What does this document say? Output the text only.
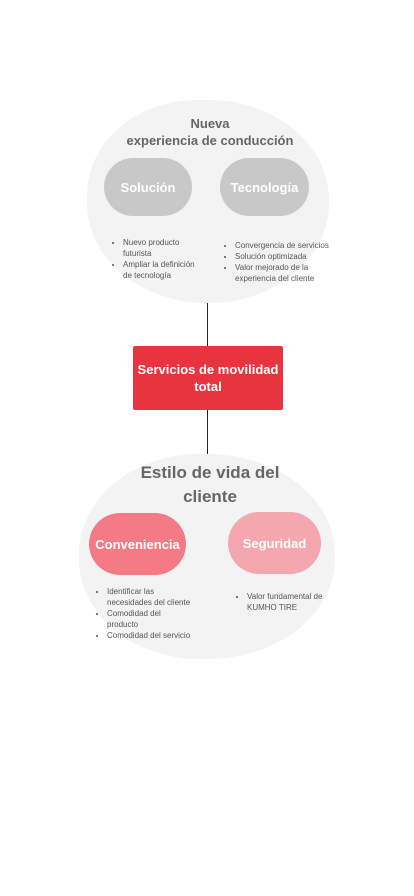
Nueva
experiencia de conducción
Solución	Tecnología
• Nuevo producto futurista
• Ampliar la definición de tecnología
• Convergencia de servicios
• Solución optimizada
• Valor mejorado de la experiencia del cliente
Servicios de movilidad total
Estilo de vida del cliente
Conveniencia	Seguridad
• Identificar las necesidades del cliente
• Comodidad del producto
• Comodidad del servicio
• Valor fundamental de KUMHO TIRE
